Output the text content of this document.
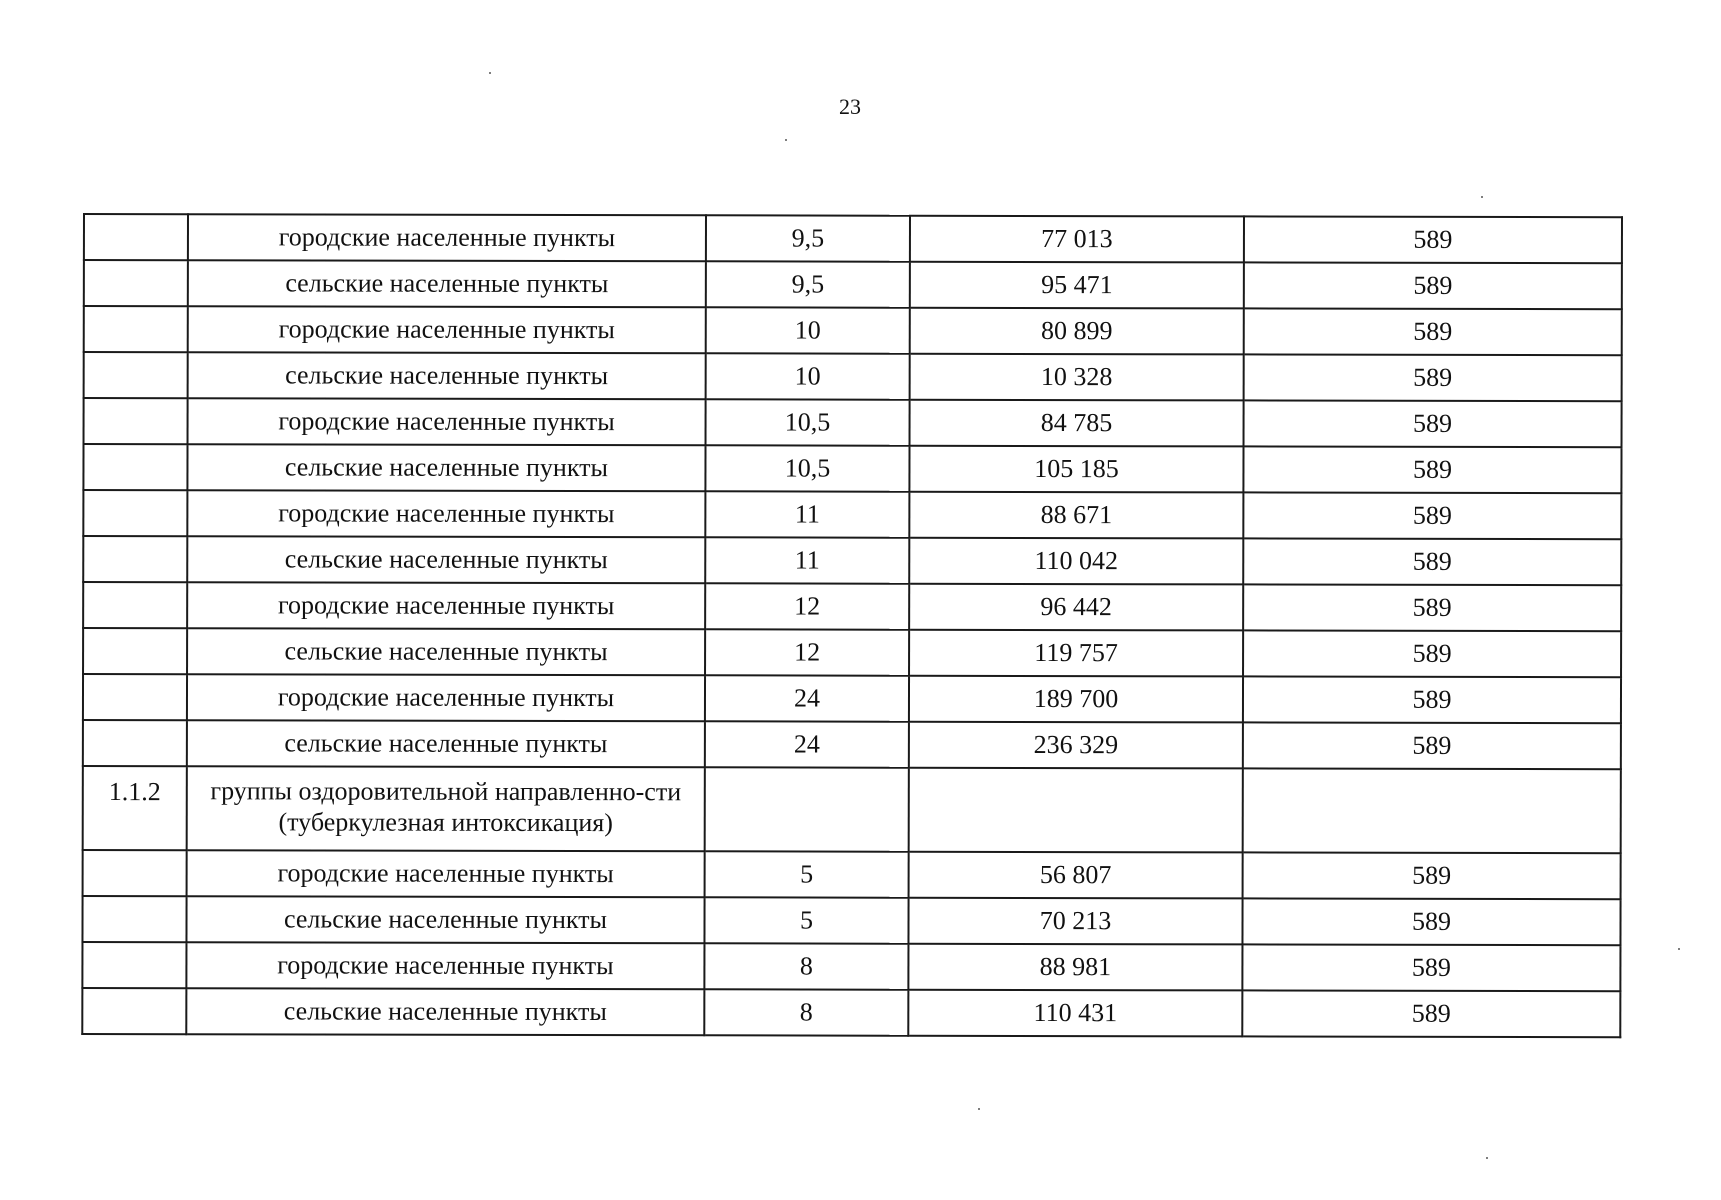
23
	городские населенные пункты	9,5	77 013	589
	сельские населенные пункты	9,5	95 471	589
	городские населенные пункты	10	80 899	589
	сельские населенные пункты	10	10 328	589
	городские населенные пункты	10,5	84 785	589
	сельские населенные пункты	10,5	105 185	589
	городские населенные пункты	11	88 671	589
	сельские населенные пункты	11	110 042	589
	городские населенные пункты	12	96 442	589
	сельские населенные пункты	12	119 757	589
	городские населенные пункты	24	189 700	589
	сельские населенные пункты	24	236 329	589
1.1.2	группы оздоровительной направленно-сти (туберкулезная интоксикация)			
	городские населенные пункты	5	56 807	589
	сельские населенные пункты	5	70 213	589
	городские населенные пункты	8	88 981	589
	сельские населенные пункты	8	110 431	589
